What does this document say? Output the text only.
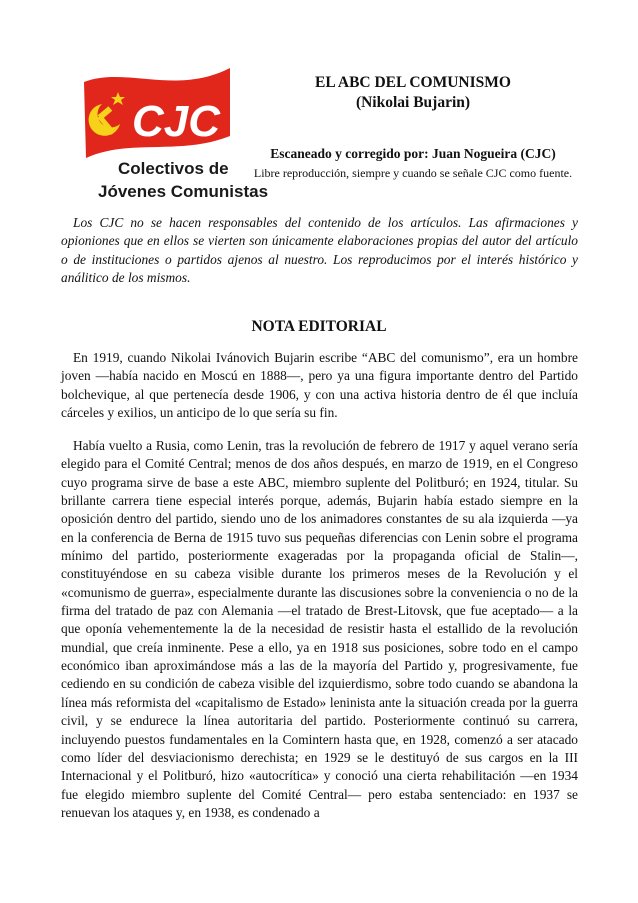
CJC
Colectivos de
Jóvenes Comunistas

EL ABC DEL COMUNISMO

(Nikolai Bujarin)

Escaneado y corregido por: Juan Nogueira (CJC)

Libre reproducción, siempre y cuando se señale CJC como fuente.

Los CJC no se hacen responsables del contenido de los artículos. Las afirmaciones y opioniones que en ellos se vierten son únicamente elaboraciones propias del autor del artículo o de instituciones o partidos ajenos al nuestro. Los reproducimos por el interés histórico y análitico de los mismos.

NOTA EDITORIAL

En 1919, cuando Nikolai Ivánovich Bujarin escribe “ABC del comunismo”, era un hombre joven —había nacido en Moscú en 1888—, pero ya una figura importante dentro del Partido bolchevique, al que pertenecía desde 1906, y con una activa historia dentro de él que incluía cárceles y exilios, un anticipo de lo que sería su fin.

Había vuelto a Rusia, como Lenin, tras la revolución de febrero de 1917 y aquel verano sería elegido para el Comité Central; menos de dos años después, en marzo de 1919, en el Congreso cuyo programa sirve de base a este ABC, miembro suplente del Politburó; en 1924, titular. Su brillante carrera tiene especial interés porque, además, Bujarin había estado siempre en la oposición dentro del partido, siendo uno de los animadores constantes de su ala izquierda —ya en la conferencia de Berna de 1915 tuvo sus pequeñas diferencias con Lenin sobre el programa mínimo del partido, posteriormente exageradas por la propaganda oficial de Stalin—, constituyéndose en su cabeza visible durante los primeros meses de la Revolución y el «comunismo de guerra», especialmente durante las discusiones sobre la conveniencia o no de la firma del tratado de paz con Alemania —el tratado de Brest-Litovsk, que fue aceptado— a la que oponía vehementemente la de la necesidad de resistir hasta el estallido de la revolución mundial, que creía inminente. Pese a ello, ya en 1918 sus posiciones, sobre todo en el campo económico iban aproximándose más a las de la mayoría del Partido y, progresivamente, fue cediendo en su condición de cabeza visible del izquierdismo, sobre todo cuando se abandona la línea más reformista del «capitalismo de Estado» leninista ante la situación creada por la guerra civil, y se endurece la línea autoritaria del partido. Posteriormente continuó su carrera, incluyendo puestos fundamentales en la Comintern hasta que, en 1928, comenzó a ser atacado como líder del desviacionismo derechista; en 1929 se le destituyó de sus cargos en la III Internacional y el Politburó, hizo «autocrítica» y conoció una cierta rehabilitación —en 1934 fue elegido miembro suplente del Comité Central— pero estaba sentenciado: en 1937 se renuevan los ataques y, en 1938, es condenado a
